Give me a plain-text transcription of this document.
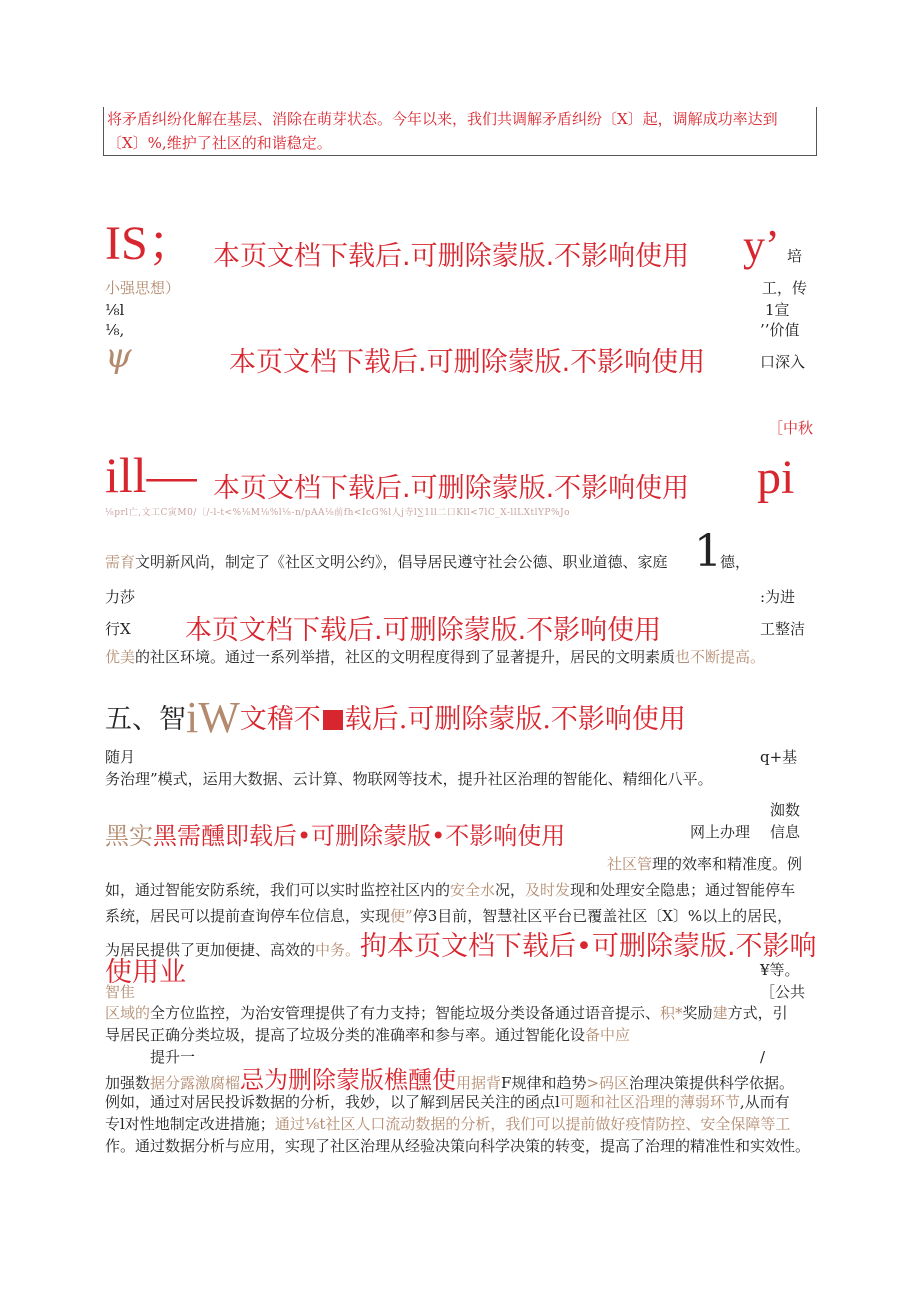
将矛盾纠纷化解在基层、消除在萌芽状态。今年以来，我们共调解矛盾纠纷〔X〕起，调解成功率达到

〔X〕%,维护了社区的和谐稳定。

IS； 本页文档下载后.可删除蒙版.不影响使用 y’ 培
小强思想）	工，传
⅛l	1宣
⅛,	’’价值
ψ	本页文档下载后.可删除蒙版.不影响使用	口深入
［中秋
ill— 本页文档下载后.可删除蒙版.不影响使用 pi
⅛prl亡,文工C寅M0/〔/-l-t<%⅛M⅛%l⅛-n/pAA⅛前fh<IcG%l人j寺l∑1ll二口Kll<7lC_X-llLXtlYP%Jo
需育文明新风尚，制定了《社区文明公约》，倡导居民遵守社会公德、职业道德、家庭 1
德，
力莎	:为进
行X 本页文档下载后.可删除蒙版.不影响使用	工整洁
优美的社区环境。通过一系列举措，社区的文明程度得到了显著提升，居民的文明素质也不断提高。
五、智iW文稽不 载后.可删除蒙版.不影响使用
随月	q+基
务治理”模式，运用大数据、云计算、物联网等技术，提升社区治理的智能化、精细化八平。
洳数
黑实黑需醺即载后•可删除蒙版•不影响使用	网上办理 信息
社区管理的效率和精准度。例
如，通过智能安防系统，我们可以实时监控社区内的安全水况，及时发现和处理安全隐患；通过智能停车
系统，居民可以提前查询停车位信息，实现便”停3目前，智慧社区平台已覆盖社区〔X〕%以上的居民，
为居民提供了更加便捷、高效的中务。拘本页文档下载后•可删除蒙版.不影响
使用业	¥等。
智隹	［公共
区域的全方位监控，为治安管理提供了有力支持；智能垃圾分类设备通过语音提示、积*奖励建方式，引
导居民正确分类垃圾，提高了垃圾分类的准确率和参与率。通过智能化设备中应
提升一	/
加强数据分露激腐榴忌为删除蒙版樵醺使用据背F规律和趋势>码区治理决策提供科学依据。
例如，通过对居民投诉数据的分析，我妙，以了解到居民关注的函点l可题和社区沿理的薄弱环节,从而有
专l对性地制定改进措施；通过⅛t社区人口流动数据的分析，我们可以提前做好疫情防控、安全保障等工
作。通过数据分析与应用，实现了社区治理从经验决策向科学决策的转变，提高了治理的精准性和实效性。
